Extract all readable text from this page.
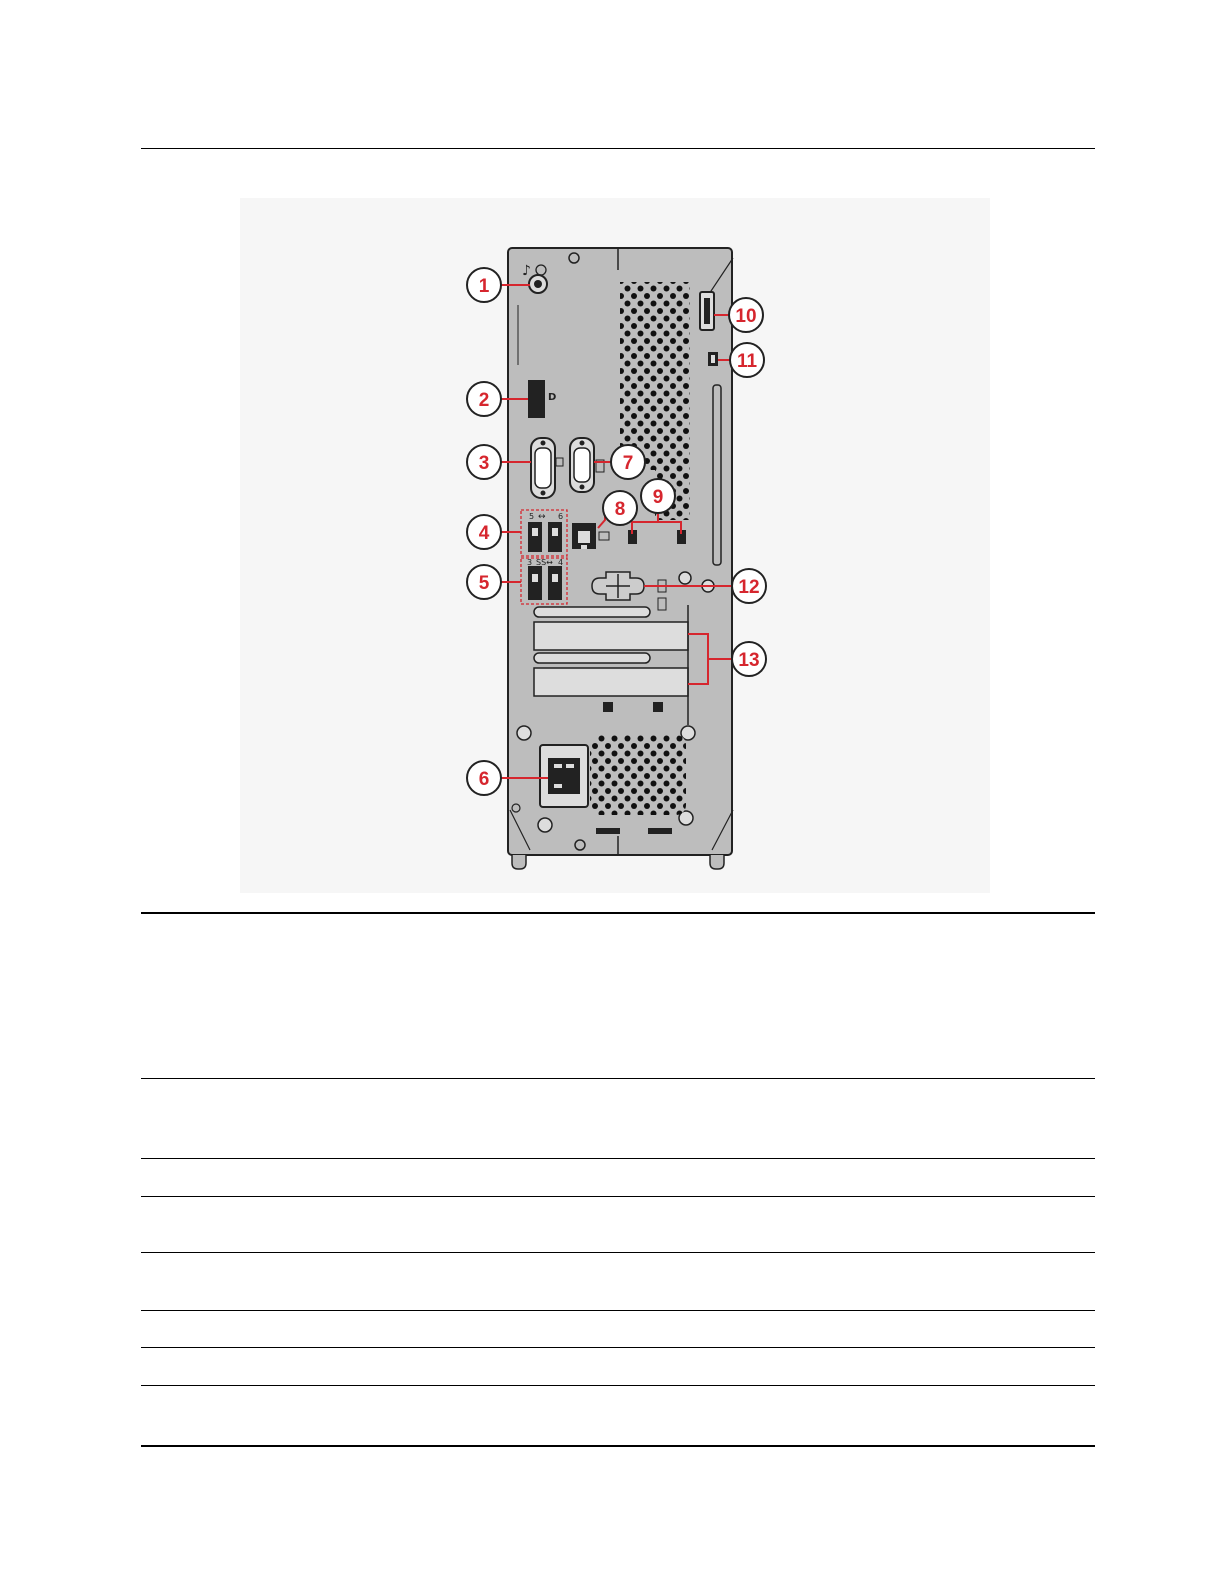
♪
D
5	6
↔
3	4
SS↔
1
2
3
4
5
6
7
8
9
10
11
12
13
